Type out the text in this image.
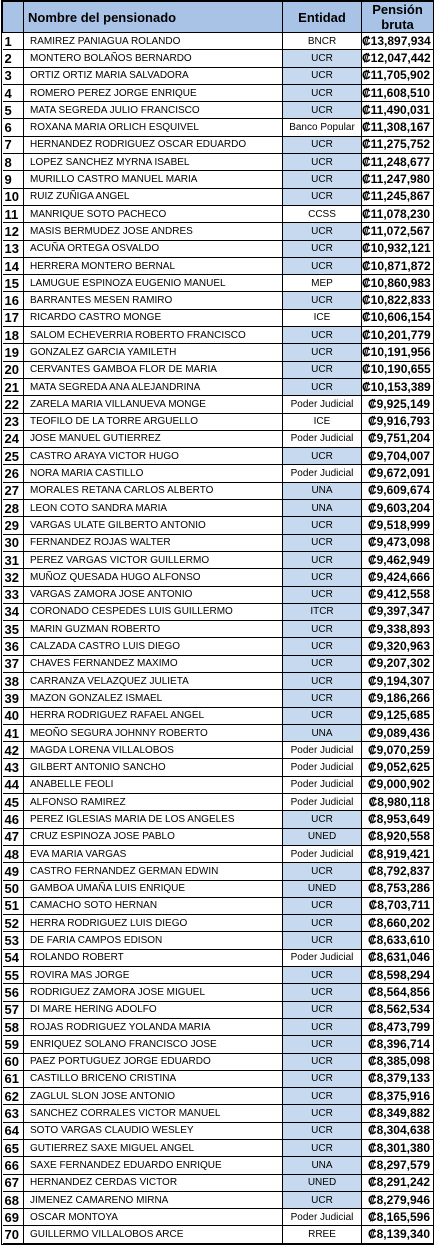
	Nombre del pensionado	Entidad	Pensión bruta
1	RAMIREZ PANIAGUA ROLANDO	BNCR	₡13,897,934
2	MONTERO BOLAÑOS BERNARDO	UCR	₡12,047,442
3	ORTIZ ORTIZ MARIA SALVADORA	UCR	₡11,705,902
4	ROMERO PEREZ JORGE ENRIQUE	UCR	₡11,608,510
5	MATA SEGREDA JULIO FRANCISCO	UCR	₡11,490,031
6	ROXANA MARIA ORLICH ESQUIVEL	Banco Popular	₡11,308,167
7	HERNANDEZ RODRIGUEZ OSCAR EDUARDO	UCR	₡11,275,752
8	LOPEZ SANCHEZ MYRNA ISABEL	UCR	₡11,248,677
9	MURILLO CASTRO MANUEL MARIA	UCR	₡11,247,980
10	RUIZ ZUÑIGA ANGEL	UCR	₡11,245,867
11	MANRIQUE SOTO PACHECO	CCSS	₡11,078,230
12	MASIS BERMUDEZ JOSE ANDRES	UCR	₡11,072,567
13	ACUÑA ORTEGA OSVALDO	UCR	₡10,932,121
14	HERRERA MONTERO BERNAL	UCR	₡10,871,872
15	LAMUGUE ESPINOZA EUGENIO MANUEL	MEP	₡10,860,983
16	BARRANTES MESEN RAMIRO	UCR	₡10,822,833
17	RICARDO CASTRO MONGE	ICE	₡10,606,154
18	SALOM ECHEVERRIA ROBERTO FRANCISCO	UCR	₡10,201,779
19	GONZALEZ GARCIA YAMILETH	UCR	₡10,191,956
20	CERVANTES GAMBOA FLOR DE MARIA	UCR	₡10,190,655
21	MATA SEGREDA ANA ALEJANDRINA	UCR	₡10,153,389
22	ZARELA MARIA VILLANUEVA MONGE	Poder Judicial	₡9,925,149
23	TEOFILO DE LA TORRE ARGUELLO	ICE	₡9,916,793
24	JOSE MANUEL GUTIERREZ	Poder Judicial	₡9,751,204
25	CASTRO ARAYA VICTOR HUGO	UCR	₡9,704,007
26	NORA MARIA CASTILLO	Poder Judicial	₡9,672,091
27	MORALES RETANA CARLOS ALBERTO	UNA	₡9,609,674
28	LEON COTO SANDRA MARIA	UNA	₡9,603,204
29	VARGAS ULATE GILBERTO ANTONIO	UCR	₡9,518,999
30	FERNANDEZ ROJAS WALTER	UCR	₡9,473,098
31	PEREZ VARGAS VICTOR GUILLERMO	UCR	₡9,462,949
32	MUÑOZ QUESADA HUGO ALFONSO	UCR	₡9,424,666
33	VARGAS ZAMORA JOSE ANTONIO	UCR	₡9,412,558
34	CORONADO CESPEDES LUIS GUILLERMO	ITCR	₡9,397,347
35	MARIN GUZMAN ROBERTO	UCR	₡9,338,893
36	CALZADA CASTRO LUIS DIEGO	UCR	₡9,320,963
37	CHAVES FERNANDEZ MAXIMO	UCR	₡9,207,302
38	CARRANZA VELAZQUEZ JULIETA	UCR	₡9,194,307
39	MAZON GONZALEZ ISMAEL	UCR	₡9,186,266
40	HERRA RODRIGUEZ RAFAEL ANGEL	UCR	₡9,125,685
41	MEOÑO SEGURA JOHNNY ROBERTO	UNA	₡9,089,436
42	MAGDA LORENA VILLALOBOS	Poder Judicial	₡9,070,259
43	GILBERT ANTONIO SANCHO	Poder Judicial	₡9,052,625
44	ANABELLE FEOLI	Poder Judicial	₡9,000,902
45	ALFONSO RAMIREZ	Poder Judicial	₡8,980,118
46	PEREZ IGLESIAS MARIA DE LOS ANGELES	UCR	₡8,953,649
47	CRUZ ESPINOZA JOSE PABLO	UNED	₡8,920,558
48	EVA MARIA VARGAS	Poder Judicial	₡8,919,421
49	CASTRO FERNANDEZ GERMAN EDWIN	UCR	₡8,792,837
50	GAMBOA UMAÑA LUIS ENRIQUE	UNED	₡8,753,286
51	CAMACHO SOTO HERNAN	UCR	₡8,703,711
52	HERRA RODRIGUEZ LUIS DIEGO	UCR	₡8,660,202
53	DE FARIA CAMPOS EDISON	UCR	₡8,633,610
54	ROLANDO ROBERT	Poder Judicial	₡8,631,046
55	ROVIRA MAS JORGE	UCR	₡8,598,294
56	RODRIGUEZ ZAMORA JOSE MIGUEL	UCR	₡8,564,856
57	DI MARE HERING ADOLFO	UCR	₡8,562,534
58	ROJAS RODRIGUEZ YOLANDA MARIA	UCR	₡8,473,799
59	ENRIQUEZ SOLANO FRANCISCO JOSE	UCR	₡8,396,714
60	PAEZ PORTUGUEZ JORGE EDUARDO	UCR	₡8,385,098
61	CASTILLO BRICENO CRISTINA	UCR	₡8,379,133
62	ZAGLUL SLON JOSE ANTONIO	UCR	₡8,375,916
63	SANCHEZ CORRALES VICTOR MANUEL	UCR	₡8,349,882
64	SOTO VARGAS CLAUDIO WESLEY	UCR	₡8,304,638
65	GUTIERREZ SAXE MIGUEL ANGEL	UCR	₡8,301,380
66	SAXE FERNANDEZ EDUARDO ENRIQUE	UNA	₡8,297,579
67	HERNANDEZ CERDAS VICTOR	UNED	₡8,291,242
68	JIMENEZ CAMARENO MIRNA	UCR	₡8,279,946
69	OSCAR MONTOYA	Poder Judicial	₡8,165,596
70	GUILLERMO VILLALOBOS ARCE	RREE	₡8,139,340
